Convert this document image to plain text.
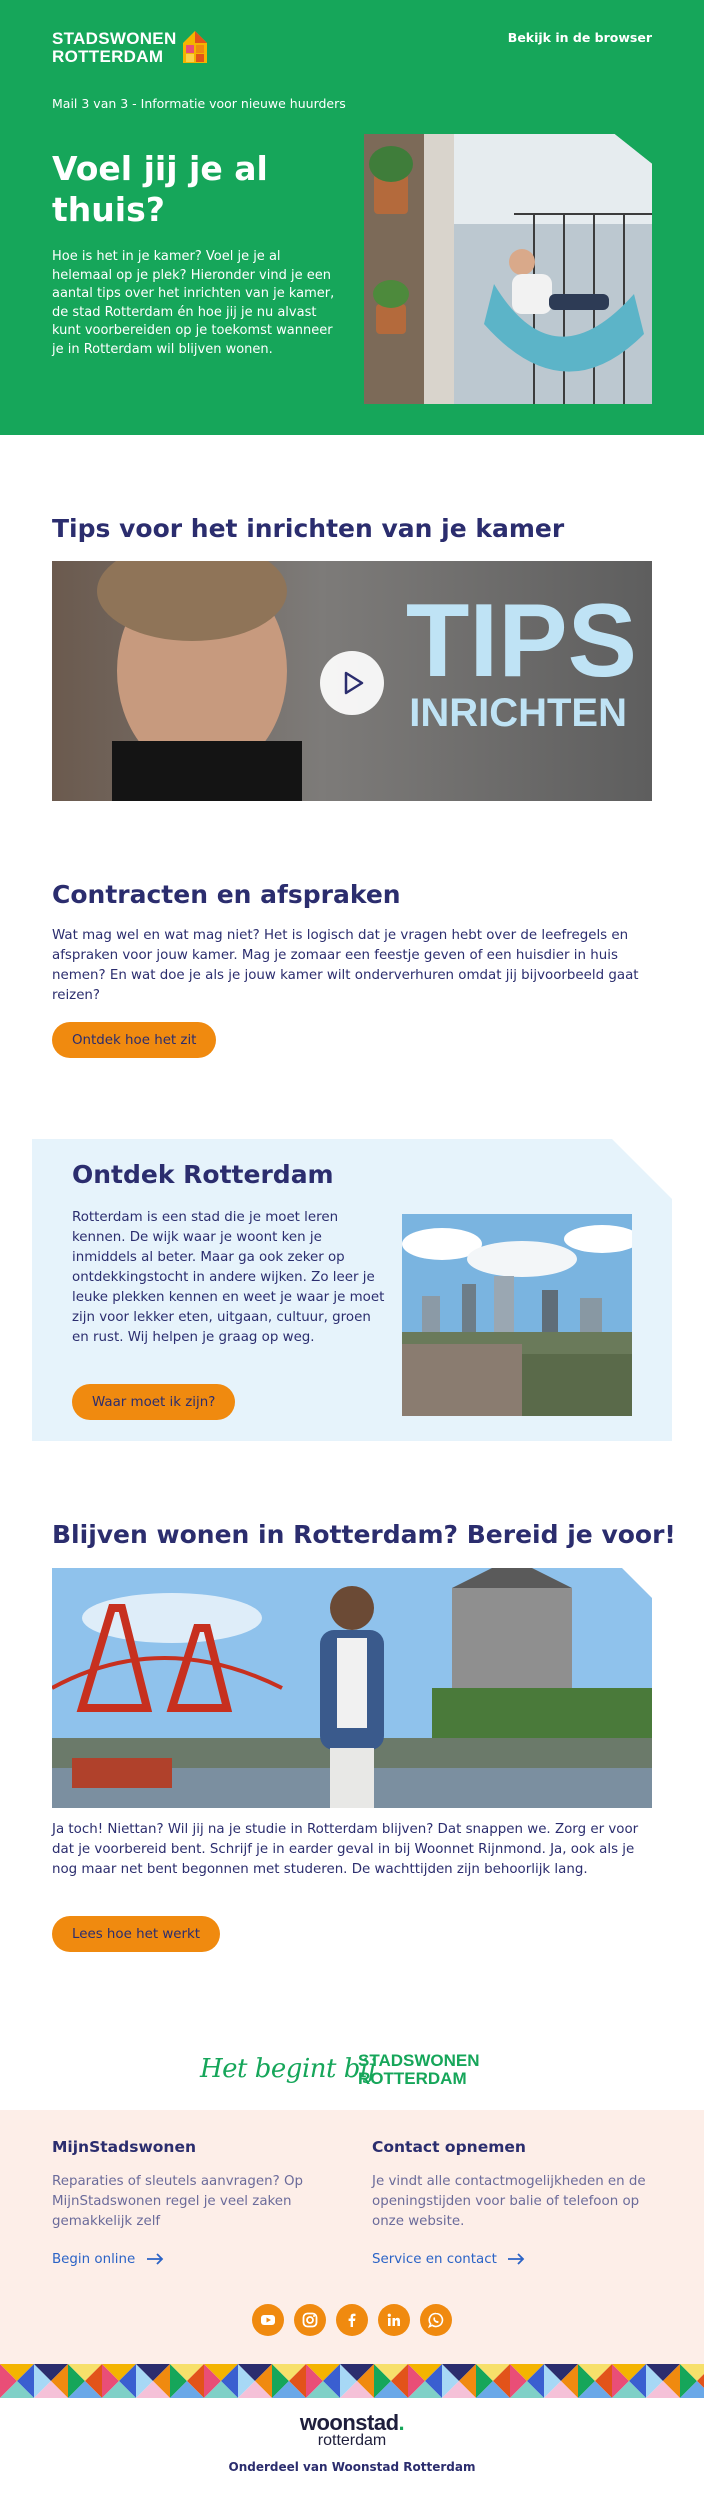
STADSWONEN
ROTTERDAM
Bekijk in de browser
Mail 3 van 3 - Informatie voor nieuwe huurders
Voel jij je al thuis?
Hoe is het in je kamer? Voel je je al helemaal op je plek? Hieronder vind je een aantal tips over het inrichten van je kamer, de stad Rotterdam én hoe jij je nu alvast kunt voorbereiden op je toekomst wanneer je in Rotterdam wil blijven wonen.
Tips voor het inrichten van je kamer
TIPS
INRICHTEN
Contracten en afspraken
Wat mag wel en wat mag niet? Het is logisch dat je vragen hebt over de leefregels en afspraken voor jouw kamer. Mag je zomaar een feestje geven of een huisdier in huis nemen? En wat doe je als je jouw kamer wilt onderverhuren omdat jij bijvoorbeeld gaat reizen?
Ontdek hoe het zit
Ontdek Rotterdam
Rotterdam is een stad die je moet leren kennen. De wijk waar je woont ken je inmiddels al beter. Maar ga ook zeker op ontdekkingstocht in andere wijken. Zo leer je leuke plekken kennen en weet je waar je moet zijn voor lekker eten, uitgaan, cultuur, groen en rust. Wij helpen je graag op weg.
Waar moet ik zijn?
Blijven wonen in Rotterdam? Bereid je voor!
Ja toch! Niettan? Wil jij na je studie in Rotterdam blijven? Dat snappen we. Zorg er voor dat je voorbereid bent. Schrijf je in earder geval in bij Woonnet Rijnmond. Ja, ook als je nog maar net bent begonnen met studeren. De wachttijden zijn behoorlijk lang.
Lees hoe het werkt
Het begint bij
STADSWONEN
ROTTERDAM
MijnStadswonen
Reparaties of sleutels aanvragen? Op MijnStadswonen regel je veel zaken gemakkelijk zelf
Begin online
Contact opnemen
Je vindt alle contactmogelijkheden en de openingstijden voor balie of telefoon op onze website.
Service en contact
woonstad.
rotterdam
Onderdeel van Woonstad Rotterdam
